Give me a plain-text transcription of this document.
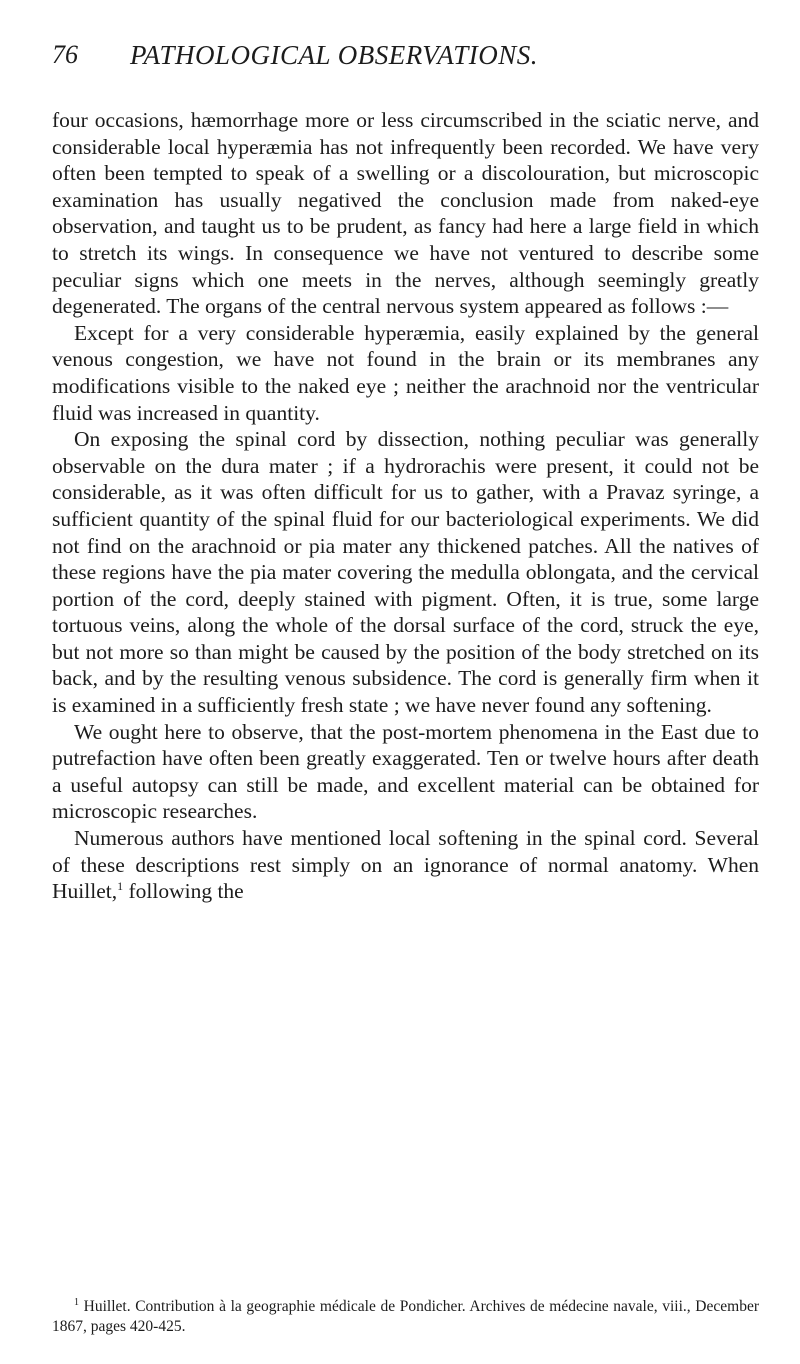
76 PATHOLOGICAL OBSERVATIONS.

four occasions, hæmorrhage more or less circumscribed in the sciatic nerve, and considerable local hyperæmia has not infrequently been recorded. We have very often been tempted to speak of a swelling or a discolouration, but microscopic examination has usually negatived the conclusion made from naked-eye observation, and taught us to be prudent, as fancy had here a large field in which to stretch its wings. In consequence we have not ventured to describe some peculiar signs which one meets in the nerves, although seemingly greatly degenerated. The organs of the central nervous system appeared as follows :—

Except for a very considerable hyperæmia, easily explained by the general venous congestion, we have not found in the brain or its membranes any modifications visible to the naked eye ; neither the arachnoid nor the ventricular fluid was increased in quantity.

On exposing the spinal cord by dissection, nothing peculiar was generally observable on the dura mater ; if a hydrorachis were present, it could not be considerable, as it was often difficult for us to gather, with a Pravaz syringe, a sufficient quantity of the spinal fluid for our bacteriological experiments. We did not find on the arachnoid or pia mater any thickened patches. All the natives of these regions have the pia mater covering the medulla oblongata, and the cervical portion of the cord, deeply stained with pigment. Often, it is true, some large tortuous veins, along the whole of the dorsal surface of the cord, struck the eye, but not more so than might be caused by the position of the body stretched on its back, and by the resulting venous subsidence. The cord is generally firm when it is examined in a sufficiently fresh state ; we have never found any softening.

We ought here to observe, that the post-mortem phenomena in the East due to putrefaction have often been greatly exaggerated. Ten or twelve hours after death a useful autopsy can still be made, and excellent material can be obtained for microscopic researches.

Numerous authors have mentioned local softening in the spinal cord. Several of these descriptions rest simply on an ignorance of normal anatomy. When Huillet,$^1$ following the

$^1$ Huillet. Contribution à la geographie médicale de Pondicher. Archives de médecine navale, viii., December 1867, pages 420-425.
